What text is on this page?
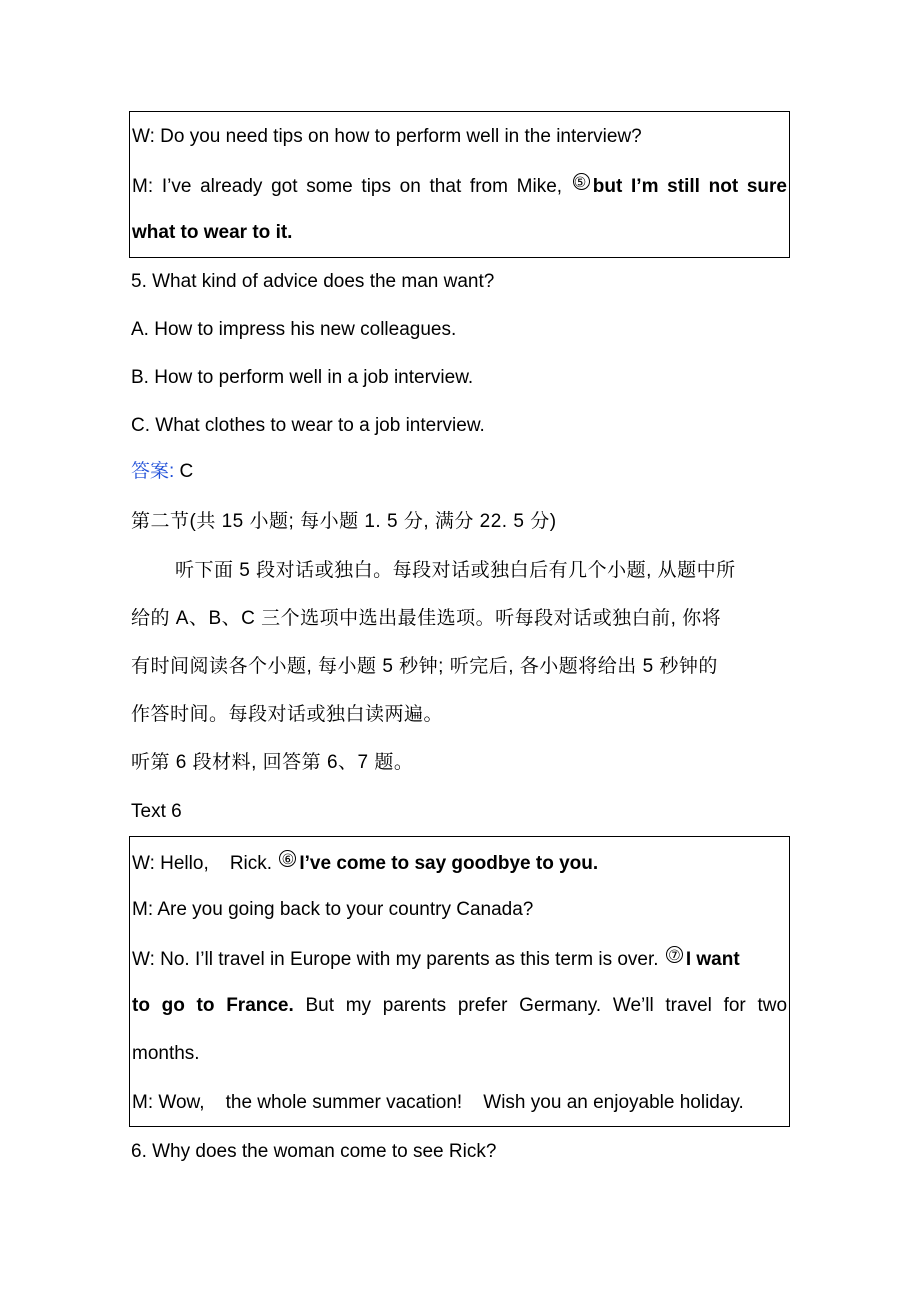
W: Do you need tips on how to perform well in the interview?
M: I’ve already got some tips on that from Mike, ⑤ but I’m still not sure
what to wear to it.
5. What kind of advice does the man want?
A. How to impress his new colleagues.
B. How to perform well in a job interview.
C. What clothes to wear to a job interview.
答案: C
第二节(共 15 小题; 每小题 1. 5 分, 满分 22. 5 分)
听下面 5 段对话或独白。每段对话或独白后有几个小题, 从题中所
给的 A、B、C 三个选项中选出最佳选项。听每段对话或独白前, 你将
有时间阅读各个小题, 每小题 5 秒钟; 听完后, 各小题将给出 5 秒钟的
作答时间。每段对话或独白读两遍。
听第 6 段材料, 回答第 6、7 题。
Text 6
W: Hello,    Rick. ⑥ I’ve come to say goodbye to you.
M: Are you going back to your country Canada?
W: No. I’ll travel in Europe with my parents as this term is over. ⑦ I want
to go to France. But my parents prefer Germany. We’ll travel for two
months.
M: Wow,    the whole summer vacation!    Wish you an enjoyable holiday.
6. Why does the woman come to see Rick?
